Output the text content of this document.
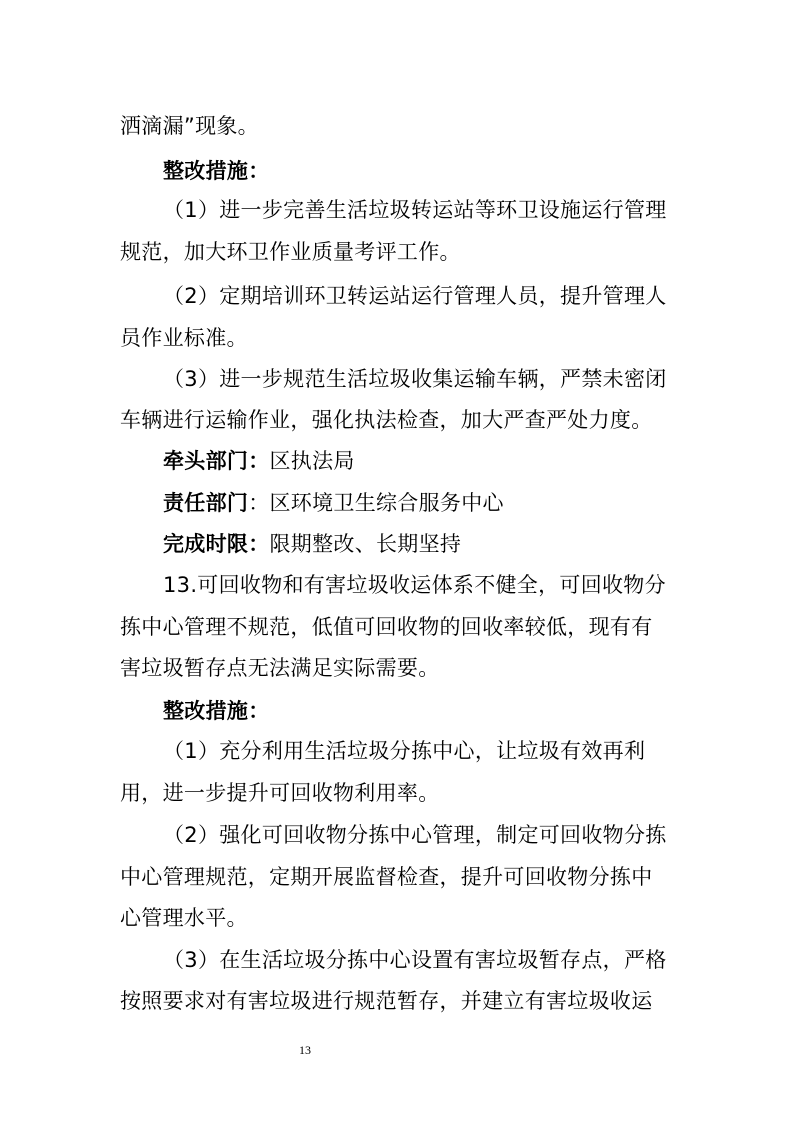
洒滴漏”现象。
整改措施：
（1）进一步完善生活垃圾转运站等环卫设施运行管理
规范，加大环卫作业质量考评工作。
（2）定期培训环卫转运站运行管理人员，提升管理人
员作业标准。
（3）进一步规范生活垃圾收集运输车辆，严禁未密闭
车辆进行运输作业，强化执法检查，加大严查严处力度。
牵头部门：区执法局
责任部门：区环境卫生综合服务中心
完成时限：限期整改、长期坚持
13.可回收物和有害垃圾收运体系不健全，可回收物分
拣中心管理不规范，低值可回收物的回收率较低，现有有
害垃圾暂存点无法满足实际需要。
整改措施：
（1）充分利用生活垃圾分拣中心，让垃圾有效再利
用，进一步提升可回收物利用率。
（2）强化可回收物分拣中心管理，制定可回收物分拣
中心管理规范，定期开展监督检查，提升可回收物分拣中
心管理水平。
（3）在生活垃圾分拣中心设置有害垃圾暂存点，严格
按照要求对有害垃圾进行规范暂存，并建立有害垃圾收运
13
